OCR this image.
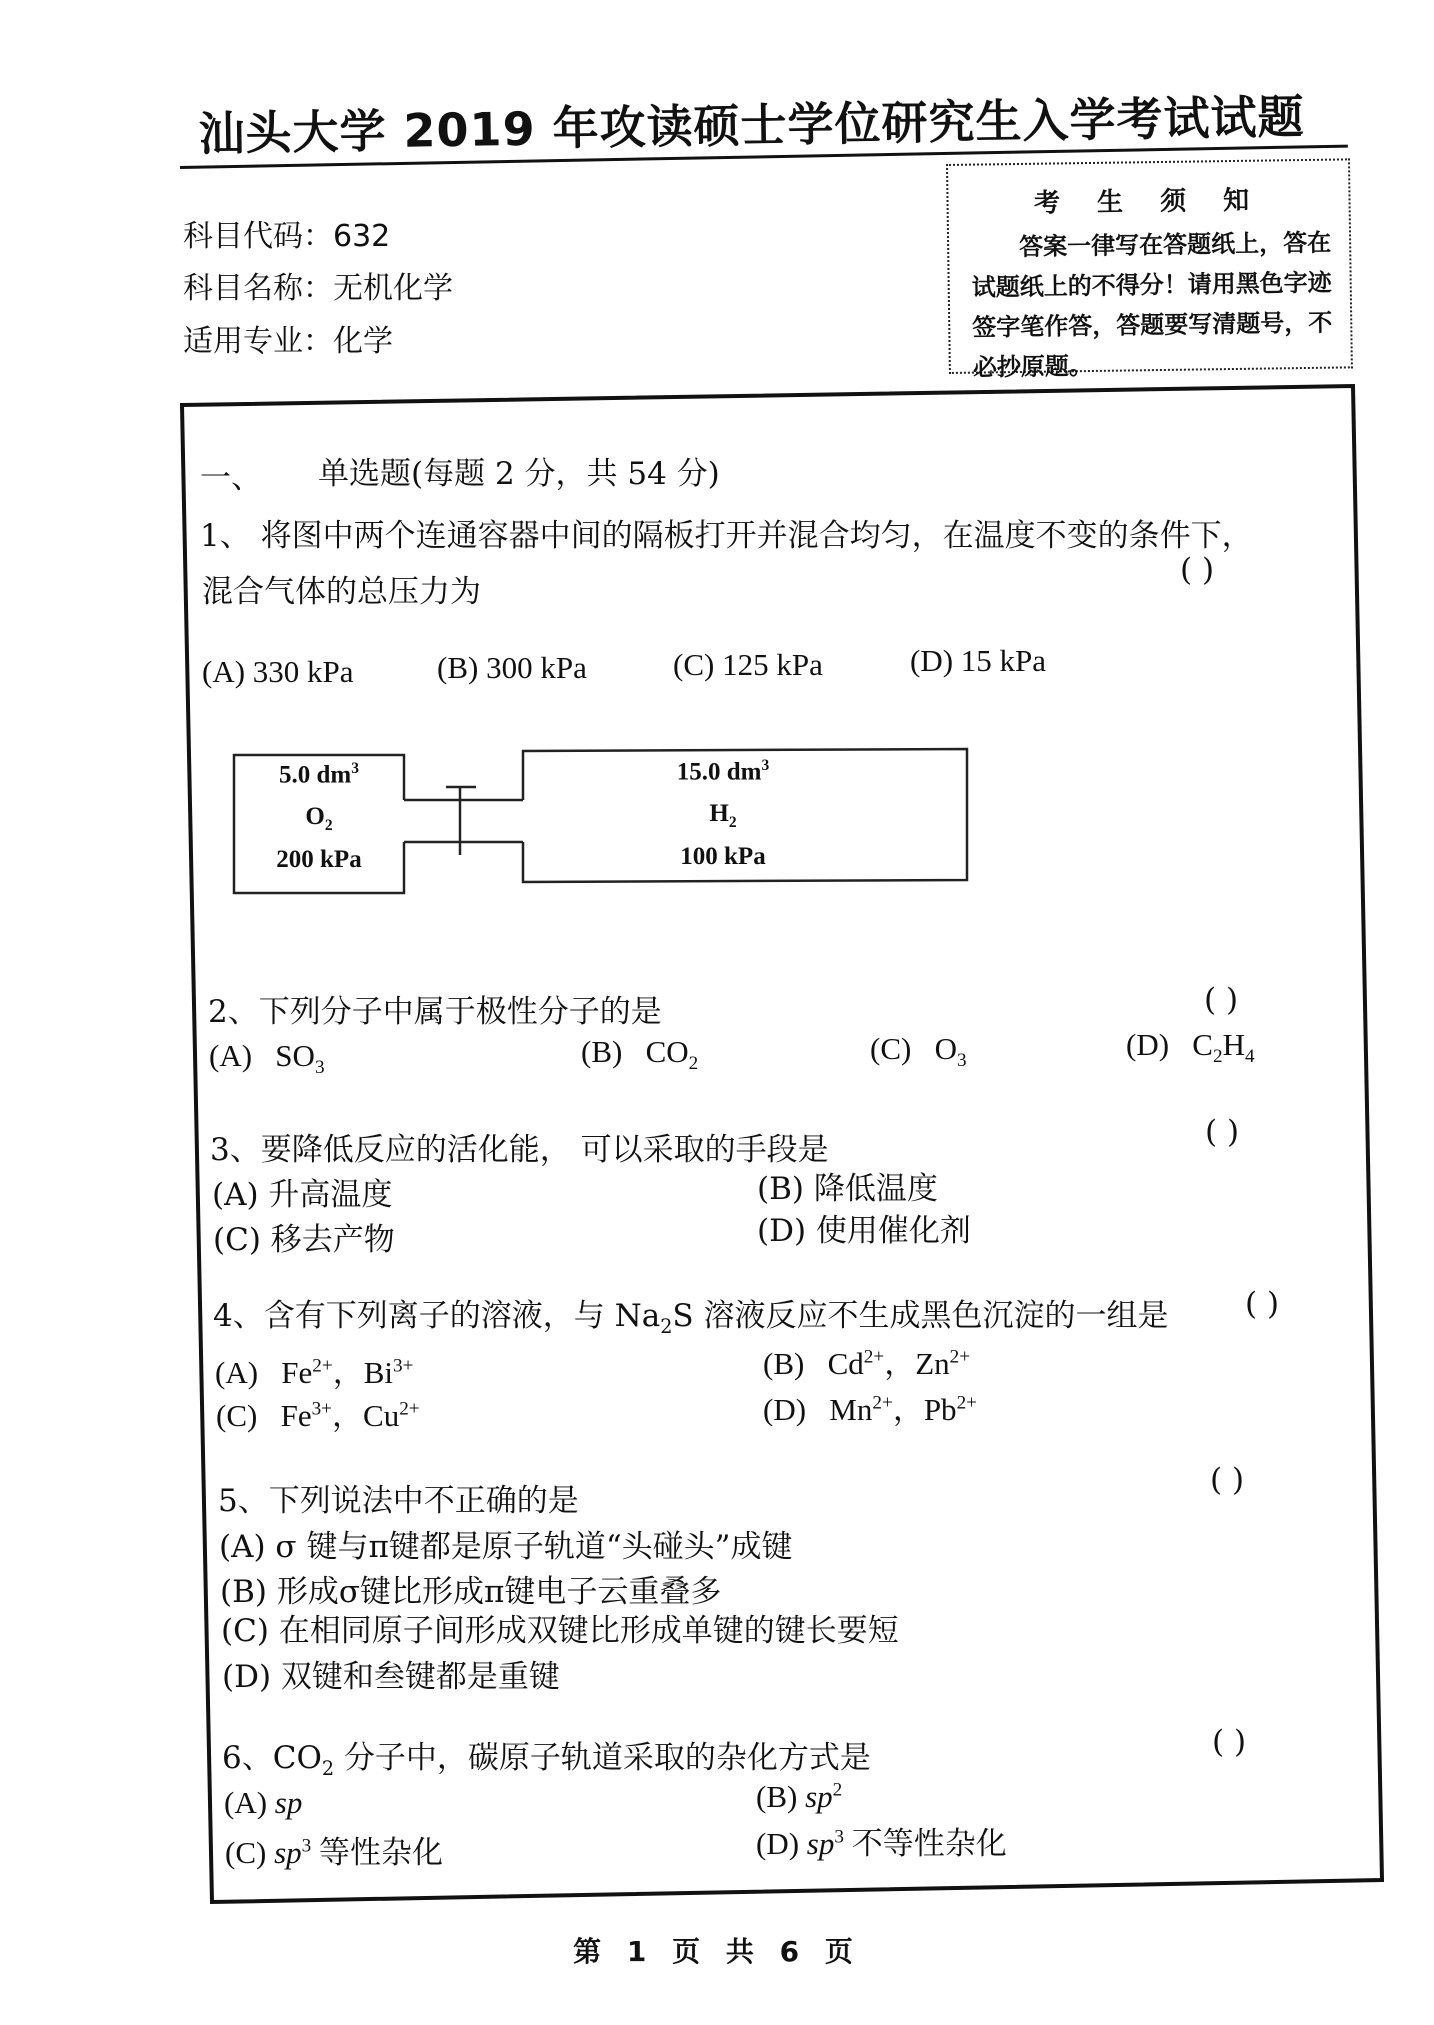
汕头大学 2019 年攻读硕士学位研究生入学考试试题
科目代码：632
科目名称：无机化学
适用专业：化学
考 生 须 知
答案一律写在答题纸上，答在试题纸上的不得分！请用黑色字迹签字笔作答，答题要写清题号，不必抄原题。
一、 单选题(每题 2 分，共 54 分)
1、 将图中两个连通容器中间的隔板打开并混合均匀，在温度不变的条件下，
混合气体的总压力为
( )
(A) 330 kPa	(B) 300 kPa	(C) 125 kPa	(D) 15 kPa
5.0 $dm^3$
$O_2$
200 kPa
15.0 $dm^3$
$H_2$
100 kPa
2、下列分子中属于极性分子的是	( )
(A) $SO_3$	(B) $CO_2$	(C) $O_3$	(D) $C_2H_4$
3、要降低反应的活化能， 可以采取的手段是	( )
(A) 升高温度	(B) 降低温度
(C) 移去产物	(D) 使用催化剂
4、含有下列离子的溶液，与 $Na_2S$ 溶液反应不生成黑色沉淀的一组是 ( )
(A) $Fe^{2+}$，$Bi^{3+}$	(B) $Cd^{2+}$，$Zn^{2+}$
(C) $Fe^{3+}$，$Cu^{2+}$	(D) $Mn^{2+}$，$Pb^{2+}$
5、下列说法中不正确的是
( )
(A) σ 键与π键都是原子轨道“头碰头”成键
(B) 形成σ键比形成π键电子云重叠多
(C) 在相同原子间形成双键比形成单键的键长要短
(D) 双键和叁键都是重键
6、$CO_2$ 分子中，碳原子轨道采取的杂化方式是	( )
(A) sp	(B) $sp^2$
(C) $sp^3$ 等性杂化	(D) $sp^3$ 不等性杂化
第 1 页 共 6 页
